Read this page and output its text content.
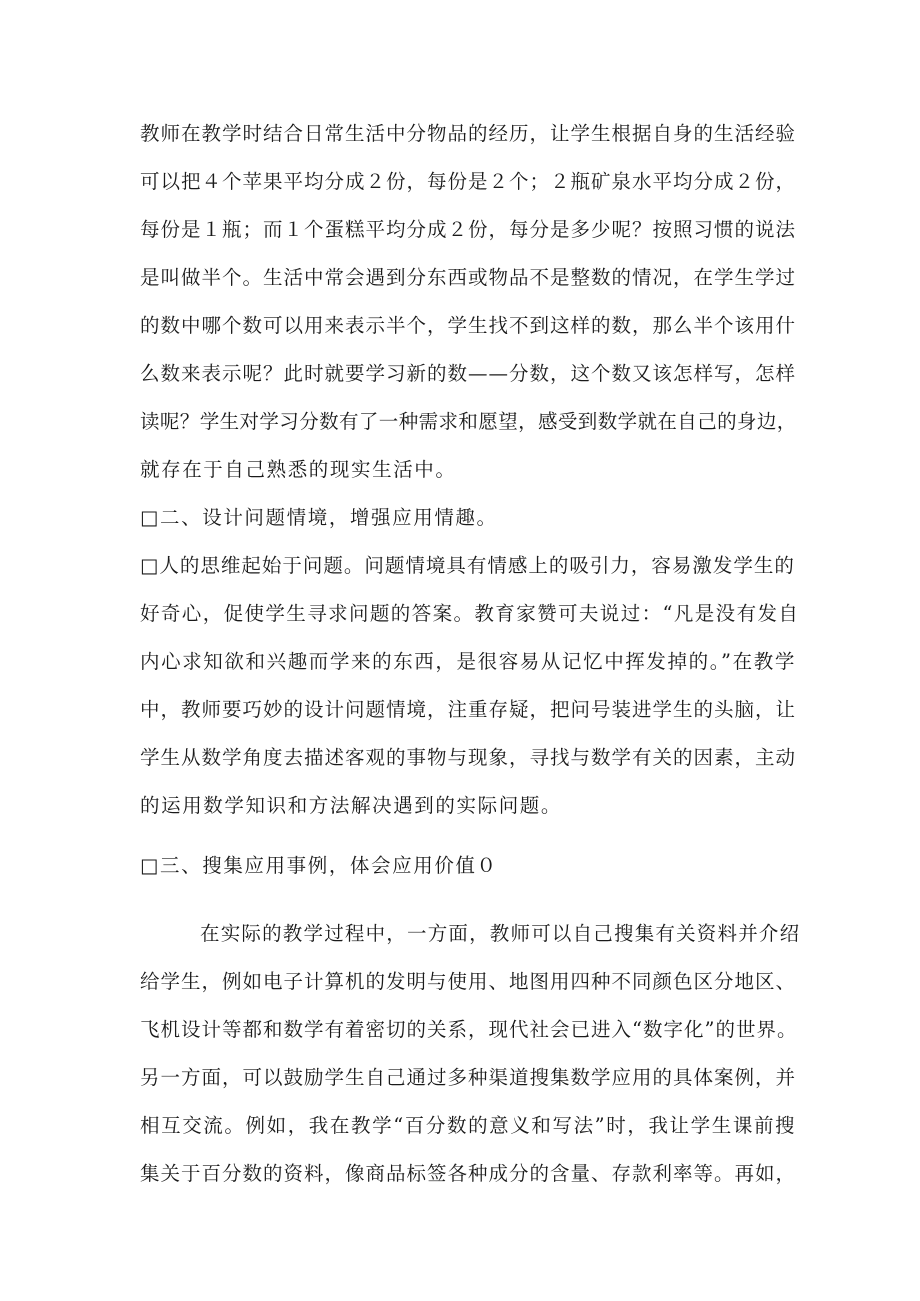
教师在教学时结合日常生活中分物品的经历，让学生根据自身的生活经验
可以把４个苹果平均分成２份，每份是２个；２瓶矿泉水平均分成２份，
每份是１瓶；而１个蛋糕平均分成２份，每分是多少呢？按照习惯的说法
是叫做半个。生活中常会遇到分东西或物品不是整数的情况，在学生学过
的数中哪个数可以用来表示半个，学生找不到这样的数，那么半个该用什
么数来表示呢？此时就要学习新的数——分数，这个数又该怎样写，怎样
读呢？学生对学习分数有了一种需求和愿望，感受到数学就在自己的身边，
就存在于自己熟悉的现实生活中。
□二、设计问题情境，增强应用情趣。
□人的思维起始于问题。问题情境具有情感上的吸引力，容易激发学生的
好奇心，促使学生寻求问题的答案。教育家赞可夫说过：“凡是没有发自
内心求知欲和兴趣而学来的东西，是很容易从记忆中挥发掉的。”在教学
中，教师要巧妙的设计问题情境，注重存疑，把问号装进学生的头脑，让
学生从数学角度去描述客观的事物与现象，寻找与数学有关的因素，主动
的运用数学知识和方法解决遇到的实际问题。
□三、搜集应用事例，体会应用价值０
在实际的教学过程中，一方面，教师可以自己搜集有关资料并介绍
给学生，例如电子计算机的发明与使用、地图用四种不同颜色区分地区、
飞机设计等都和数学有着密切的关系，现代社会已进入“数字化”的世界。
另一方面，可以鼓励学生自己通过多种渠道搜集数学应用的具体案例，并
相互交流。例如，我在教学“百分数的意义和写法”时，我让学生课前搜
集关于百分数的资料，像商品标签各种成分的含量、存款利率等。再如，
